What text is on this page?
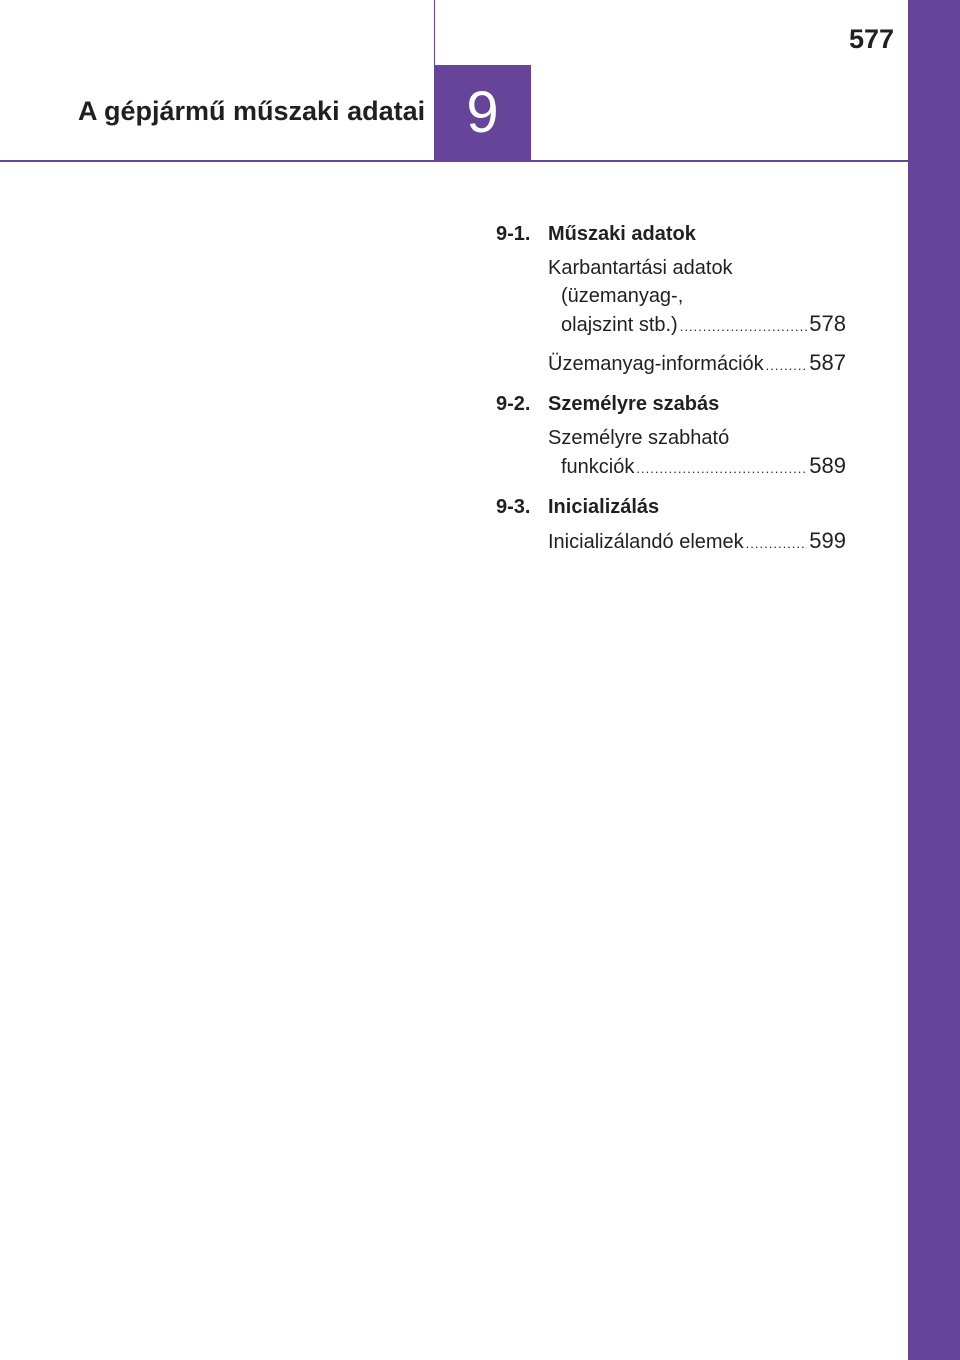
577
A gépjármű műszaki adatai 9
9-1. Műszaki adatok
Karbantartási adatok
(üzemanyag-,
olajszint stb.) .....	578
Üzemanyag-információk ..... 587
9-2. Személyre szabás
Személyre szabható
funkciók .....	589
9-3. Inicializálás
Inicializálandó elemek .....	599
